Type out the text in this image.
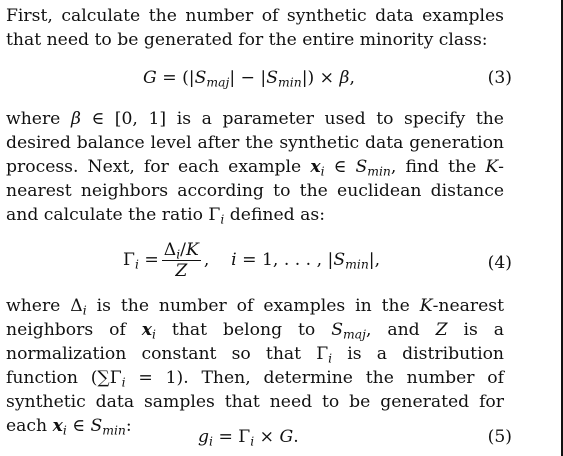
First, calculate the number of synthetic data examples that need to be generated for the entire minority class:

$G = (|S_{maj}| - |S_{min}|) \times \beta$,	(3)

where β ∈ [0, 1] is a parameter used to specify the desired balance level after the synthetic data generation process. Next, for each example $x_i$ ∈ $S_{min}$, find the K-nearest neighbors according to the euclidean distance and calculate the ratio $\Gamma_i$ defined as:

$\Gamma_i = \frac{\Delta_i/K}{Z}$ , i = 1, . . . , $|S_{min}|$,	(4)

where $\Delta_i$ is the number of examples in the K-nearest neighbors of $x_i$ that belong to $S_{maj}$, and Z is a normalization constant so that $\Gamma_i$ is a distribution function $(\sum\Gamma_i = 1)$. Then, determine the number of synthetic data samples that need to be generated for each $x_i$ ∈ $S_{min}$:

$g_i = \Gamma_i \times G$.	(5)
